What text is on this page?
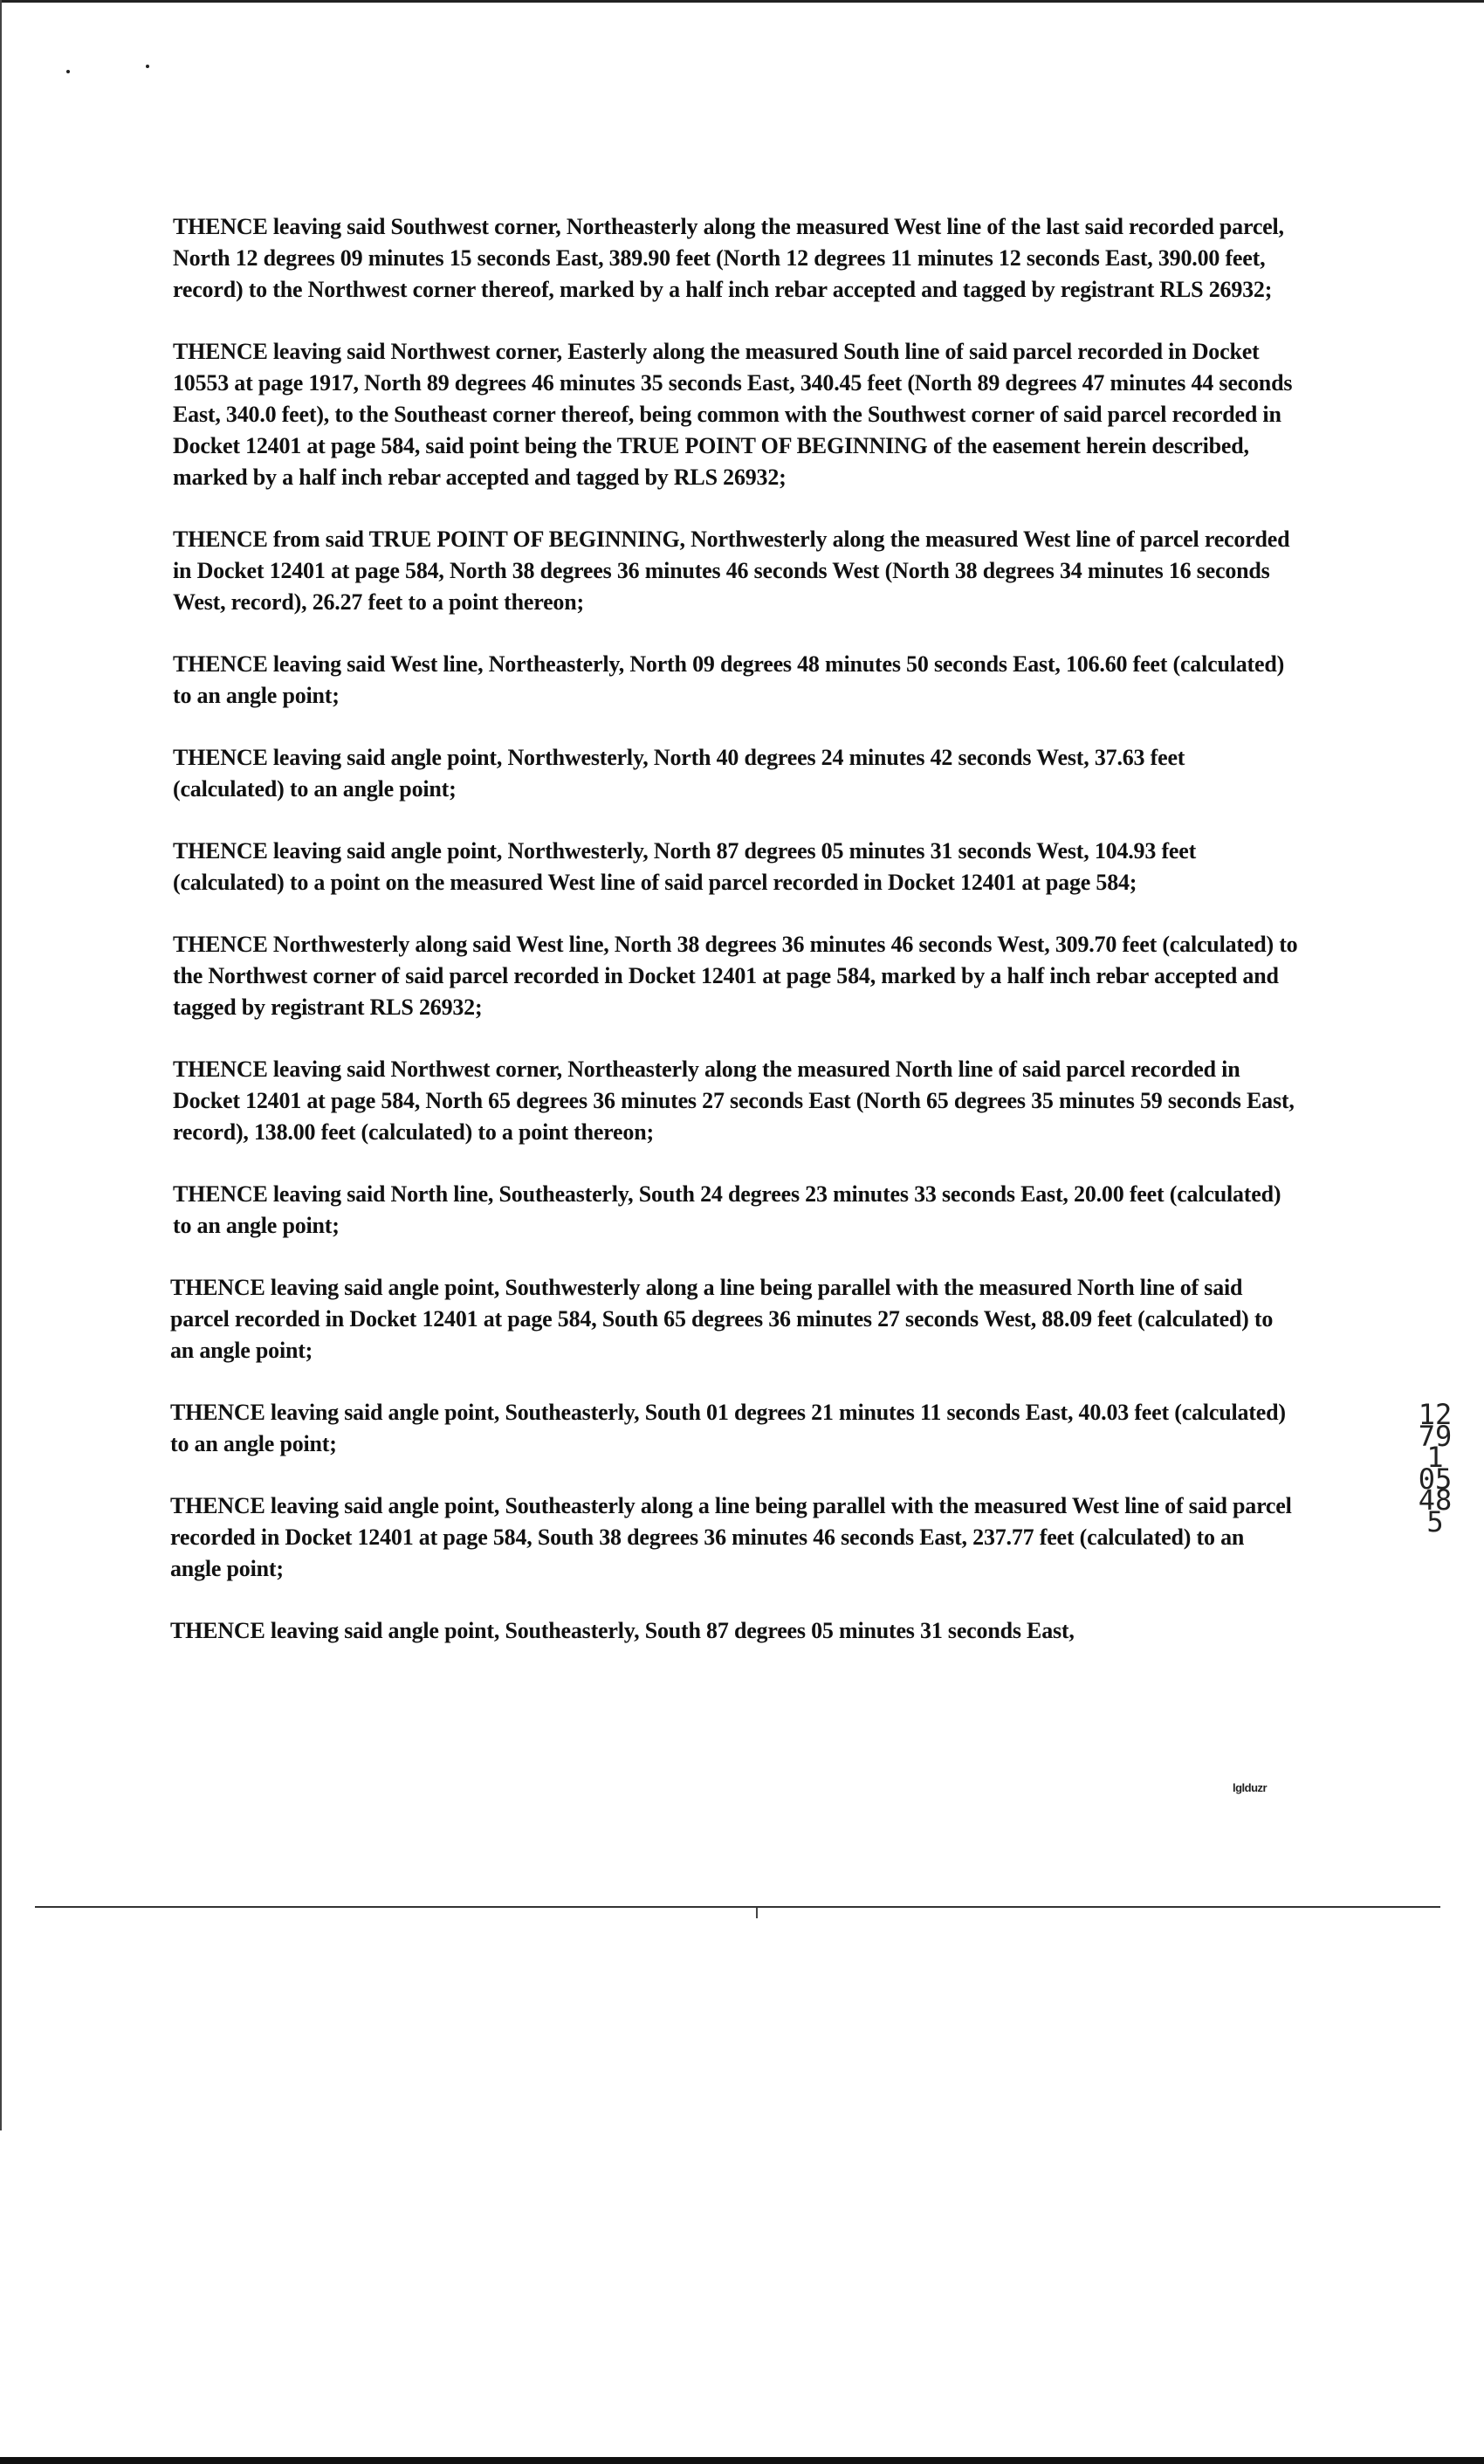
THENCE leaving said Southwest corner, Northeasterly along the measured West line of the last said recorded parcel, North 12 degrees 09 minutes 15 seconds East, 389.90 feet (North 12 degrees 11 minutes 12 seconds East, 390.00 feet, record) to the Northwest corner thereof, marked by a half inch rebar accepted and tagged by registrant RLS 26932;

THENCE leaving said Northwest corner, Easterly along the measured South line of said parcel recorded in Docket 10553 at page 1917, North 89 degrees 46 minutes 35 seconds East, 340.45 feet (North 89 degrees 47 minutes 44 seconds East, 340.0 feet), to the Southeast corner thereof, being common with the Southwest corner of said parcel recorded in Docket 12401 at page 584, said point being the TRUE POINT OF BEGINNING of the easement herein described, marked by a half inch rebar accepted and tagged by RLS 26932;

THENCE from said TRUE POINT OF BEGINNING, Northwesterly along the measured West line of parcel recorded in Docket 12401 at page 584, North 38 degrees 36 minutes 46 seconds West (North 38 degrees 34 minutes 16 seconds West, record), 26.27 feet to a point thereon;

THENCE leaving said West line, Northeasterly, North 09 degrees 48 minutes 50 seconds East, 106.60 feet (calculated) to an angle point;

THENCE leaving said angle point, Northwesterly, North 40 degrees 24 minutes 42 seconds West, 37.63 feet (calculated) to an angle point;

THENCE leaving said angle point, Northwesterly, North 87 degrees 05 minutes 31 seconds West, 104.93 feet (calculated) to a point on the measured West line of said parcel recorded in Docket 12401 at page 584;

THENCE Northwesterly along said West line, North 38 degrees 36 minutes 46 seconds West, 309.70 feet (calculated) to the Northwest corner of said parcel recorded in Docket 12401 at page 584, marked by a half inch rebar accepted and tagged by registrant RLS 26932;

THENCE leaving said Northwest corner, Northeasterly along the measured North line of said parcel recorded in Docket 12401 at page 584, North 65 degrees 36 minutes 27 seconds East (North 65 degrees 35 minutes 59 seconds East, record), 138.00 feet (calculated) to a point thereon;

THENCE leaving said North line, Southeasterly, South 24 degrees 23 minutes 33 seconds East, 20.00 feet (calculated) to an angle point;

THENCE leaving said angle point, Southwesterly along a line being parallel with the measured North line of said parcel recorded in Docket 12401 at page 584, South 65 degrees 36 minutes 27 seconds West, 88.09 feet (calculated) to an angle point;

THENCE leaving said angle point, Southeasterly, South 01 degrees 21 minutes 11 seconds East, 40.03 feet (calculated) to an angle point;

THENCE leaving said angle point, Southeasterly along a line being parallel with the measured West line of said parcel recorded in Docket 12401 at page 584, South 38 degrees 36 minutes 46 seconds East, 237.77 feet (calculated) to an angle point;

THENCE leaving said angle point, Southeasterly, South 87 degrees 05 minutes 31 seconds East,

12791 05485
lglduzr
